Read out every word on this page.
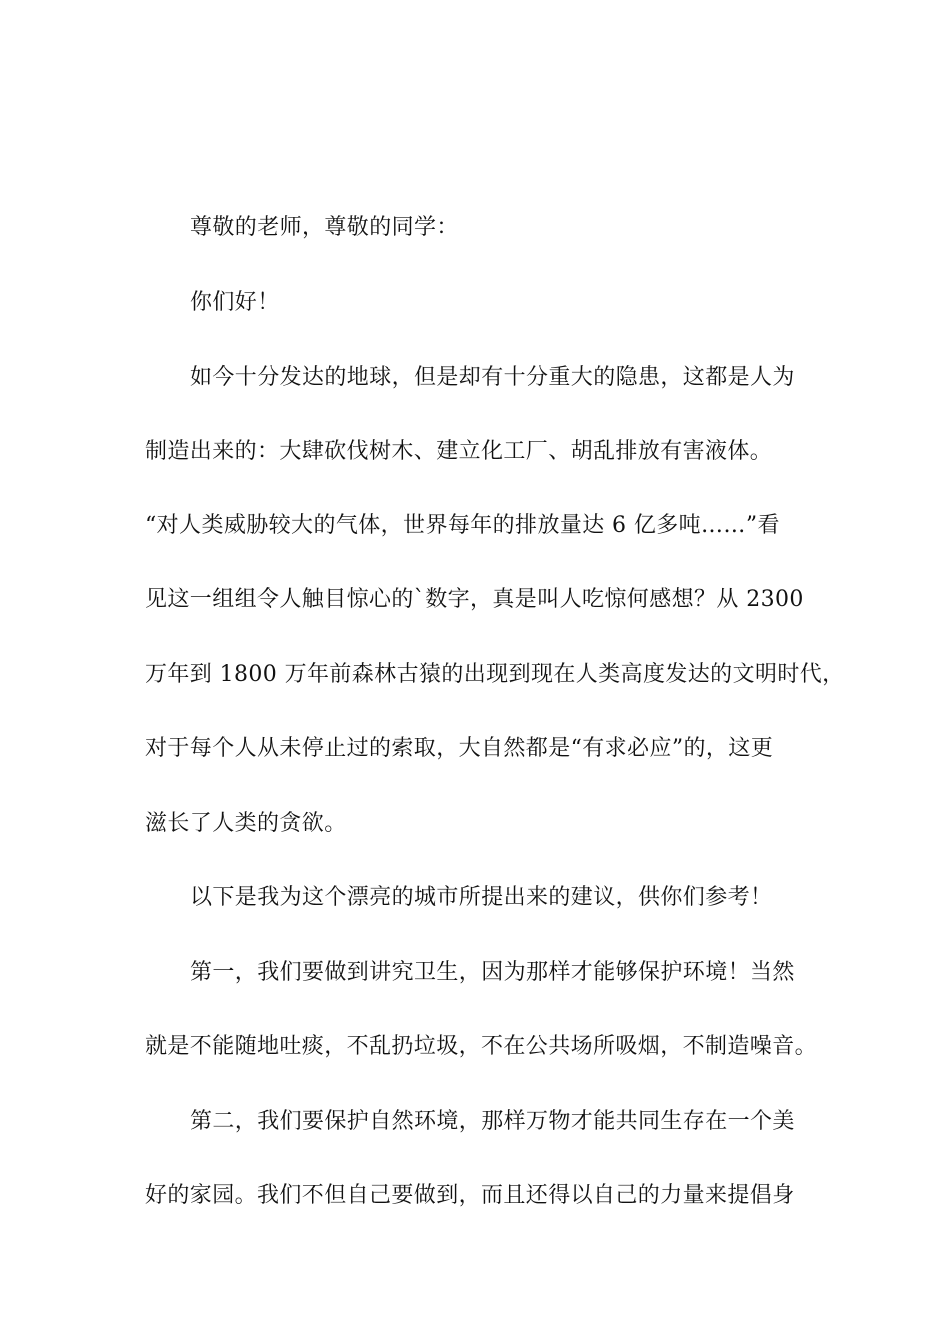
尊敬的老师，尊敬的同学：
你们好！
如今十分发达的地球，但是却有十分重大的隐患，这都是人为
制造出来的：大肆砍伐树木、建立化工厂、胡乱排放有害液体。
“对人类威胁较大的气体，世界每年的排放量达 6 亿多吨……”看
见这一组组令人触目惊心的`数字，真是叫人吃惊何感想？从 2300
万年到 1800 万年前森林古猿的出现到现在人类高度发达的文明时代，
对于每个人从未停止过的索取，大自然都是“有求必应”的，这更
滋长了人类的贪欲。
以下是我为这个漂亮的城市所提出来的建议，供你们参考！
第一，我们要做到讲究卫生，因为那样才能够保护环境！当然
就是不能随地吐痰，不乱扔垃圾，不在公共场所吸烟，不制造噪音。
第二，我们要保护自然环境，那样万物才能共同生存在一个美
好的家园。我们不但自己要做到，而且还得以自己的力量来提倡身
